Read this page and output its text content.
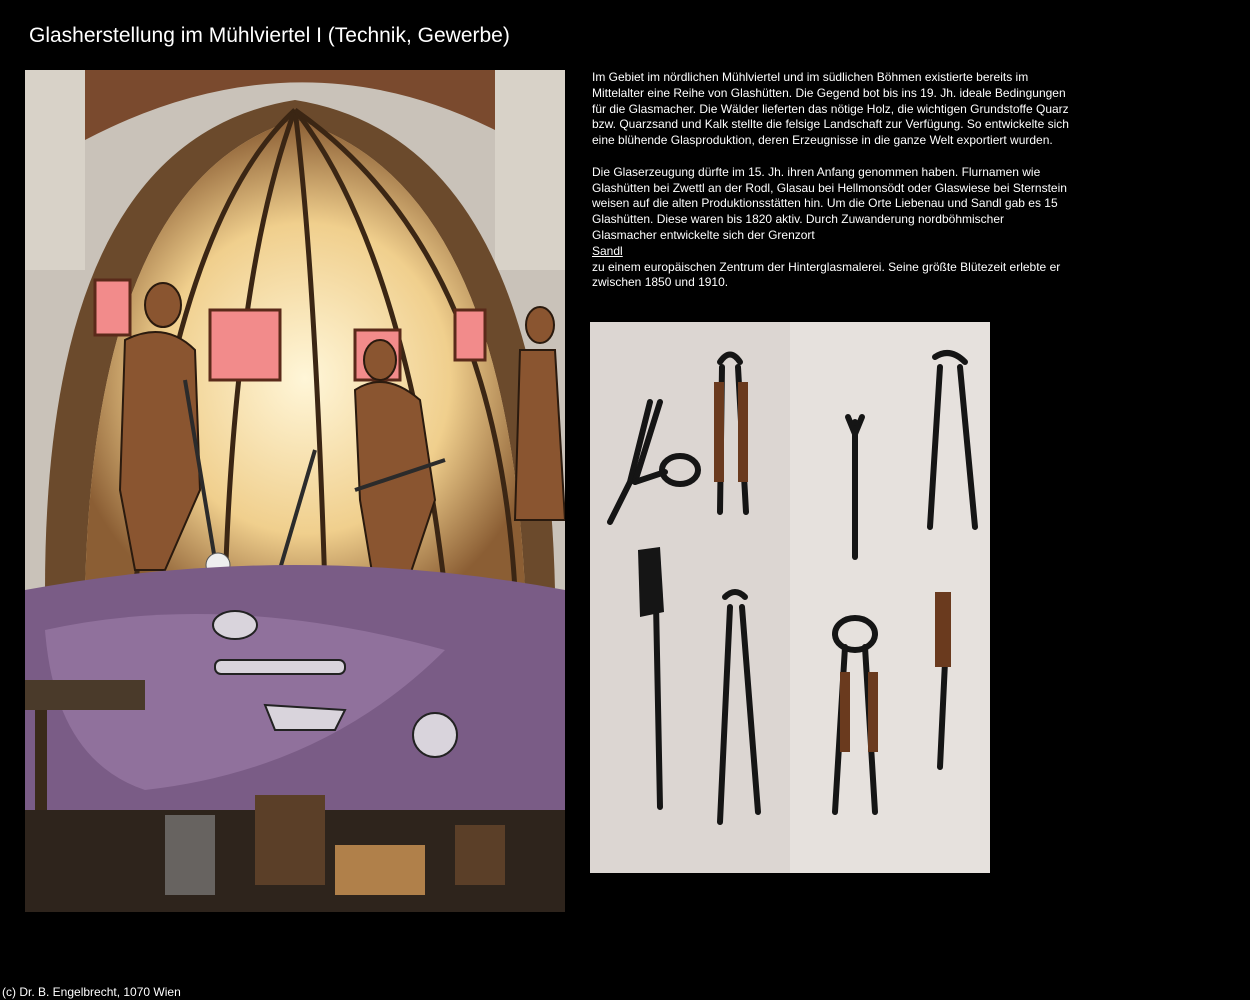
Glasherstellung im Mühlviertel I (Technik, Gewerbe)

Im Gebiet im nördlichen Mühlviertel und im südlichen Böhmen existierte bereits im Mittelalter eine Reihe von Glashütten. Die Gegend bot bis ins 19. Jh. ideale Bedingungen für die Glasmacher. Die Wälder lieferten das nötige Holz, die wichtigen Grundstoffe Quarz bzw. Quarzsand und Kalk stellte die felsige Landschaft zur Verfügung. So entwickelte sich eine blühende Glasproduktion, deren Erzeugnisse in die ganze Welt exportiert wurden.

Die Glaserzeugung dürfte im 15. Jh. ihren Anfang genommen haben. Flurnamen wie Glashütten bei Zwettl an der Rodl, Glasau bei Hellmonsödt oder Glaswiese bei Sternstein weisen auf die alten Produktionsstätten hin. Um die Orte Liebenau und Sandl gab es 15 Glashütten. Diese waren bis 1820 aktiv. Durch Zuwanderung nordböhmischer Glasmacher entwickelte sich der Grenzort
Sandl
zu einem europäischen Zentrum der Hinterglasmalerei. Seine größte Blütezeit erlebte er zwischen 1850 und 1910.

(c) Dr. B. Engelbrecht, 1070 Wien
